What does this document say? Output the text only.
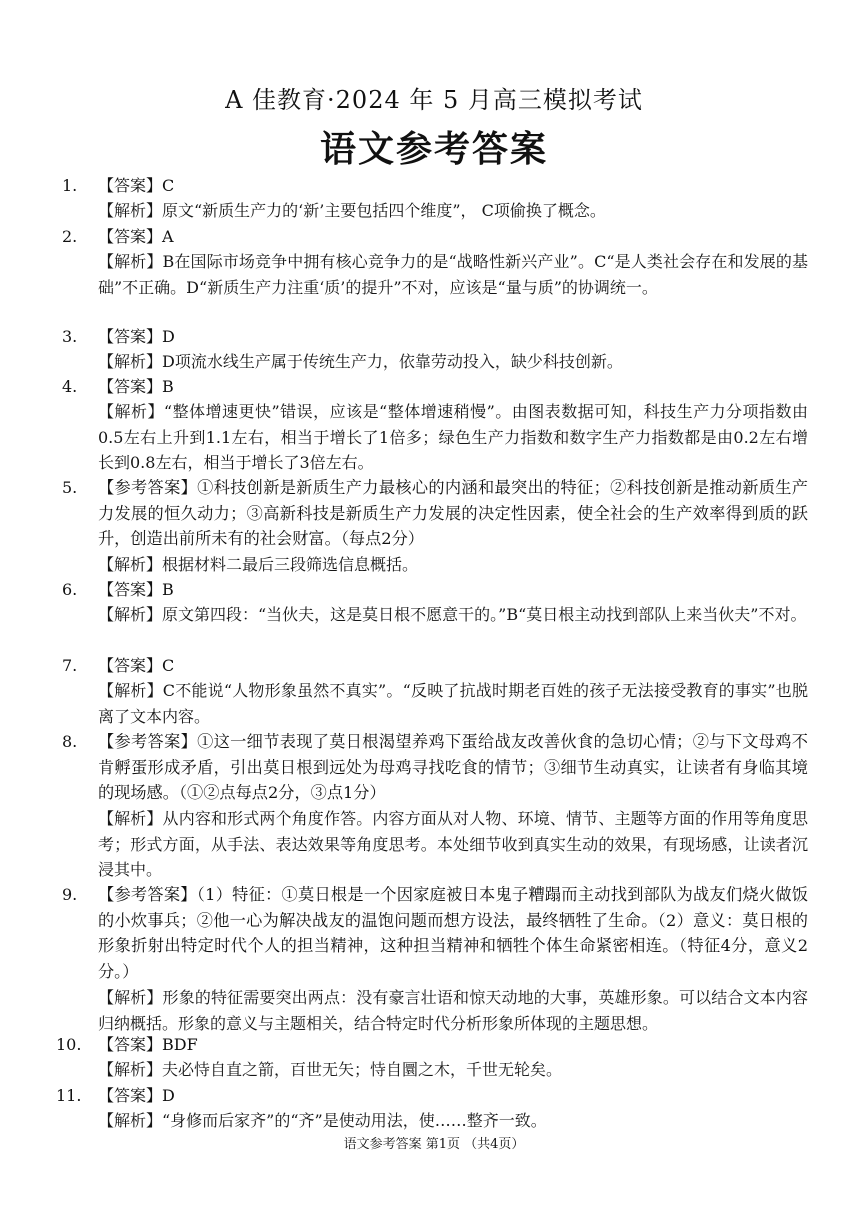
A 佳教育·2024 年 5 月高三模拟考试
语文参考答案
1. 【答案】C
【解析】原文“新质生产力的‘新’主要包括四个维度”， C项偷换了概念。
2. 【答案】A
【解析】B在国际市场竞争中拥有核心竞争力的是“战略性新兴产业”。C“是人类社会存在和发展的基础”不正确。D“新质生产力注重‘质’的提升”不对，应该是“量与质”的协调统一。
3. 【答案】D
【解析】D项流水线生产属于传统生产力，依靠劳动投入，缺少科技创新。
4. 【答案】B
【解析】“整体增速更快”错误，应该是“整体增速稍慢”。由图表数据可知，科技生产力分项指数由0.5左右上升到1.1左右，相当于增长了1倍多；绿色生产力指数和数字生产力指数都是由0.2左右增长到0.8左右，相当于增长了3倍左右。
5. 【参考答案】①科技创新是新质生产力最核心的内涵和最突出的特征；②科技创新是推动新质生产力发展的恒久动力；③高新科技是新质生产力发展的决定性因素，使全社会的生产效率得到质的跃升，创造出前所未有的社会财富。（每点2分）
【解析】根据材料二最后三段筛选信息概括。
6. 【答案】B
【解析】原文第四段：“当伙夫，这是莫日根不愿意干的。”B“莫日根主动找到部队上来当伙夫”不对。
7. 【答案】C
【解析】C不能说“人物形象虽然不真实”。“反映了抗战时期老百姓的孩子无法接受教育的事实”也脱离了文本内容。
8. 【参考答案】①这一细节表现了莫日根渴望养鸡下蛋给战友改善伙食的急切心情；②与下文母鸡不肯孵蛋形成矛盾，引出莫日根到远处为母鸡寻找吃食的情节；③细节生动真实，让读者有身临其境的现场感。（①②点每点2分，③点1分）
【解析】从内容和形式两个角度作答。内容方面从对人物、环境、情节、主题等方面的作用等角度思考；形式方面，从手法、表达效果等角度思考。本处细节收到真实生动的效果，有现场感，让读者沉浸其中。
9. 【参考答案】（1）特征：①莫日根是一个因家庭被日本鬼子糟蹋而主动找到部队为战友们烧火做饭的小炊事兵；②他一心为解决战友的温饱问题而想方设法，最终牺牲了生命。（2）意义：莫日根的形象折射出特定时代个人的担当精神，这种担当精神和牺牲个体生命紧密相连。（特征4分，意义2分。）
【解析】形象的特征需要突出两点：没有豪言壮语和惊天动地的大事，英雄形象。可以结合文本内容归纳概括。形象的意义与主题相关，结合特定时代分析形象所体现的主题思想。
10. 【答案】BDF
【解析】夫必恃自直之箭，百世无矢；恃自圜之木，千世无轮矣。
11. 【答案】D
【解析】“身修而后家齐”的“齐”是使动用法，使……整齐一致。
语文参考答案 第1页 （共4页）
